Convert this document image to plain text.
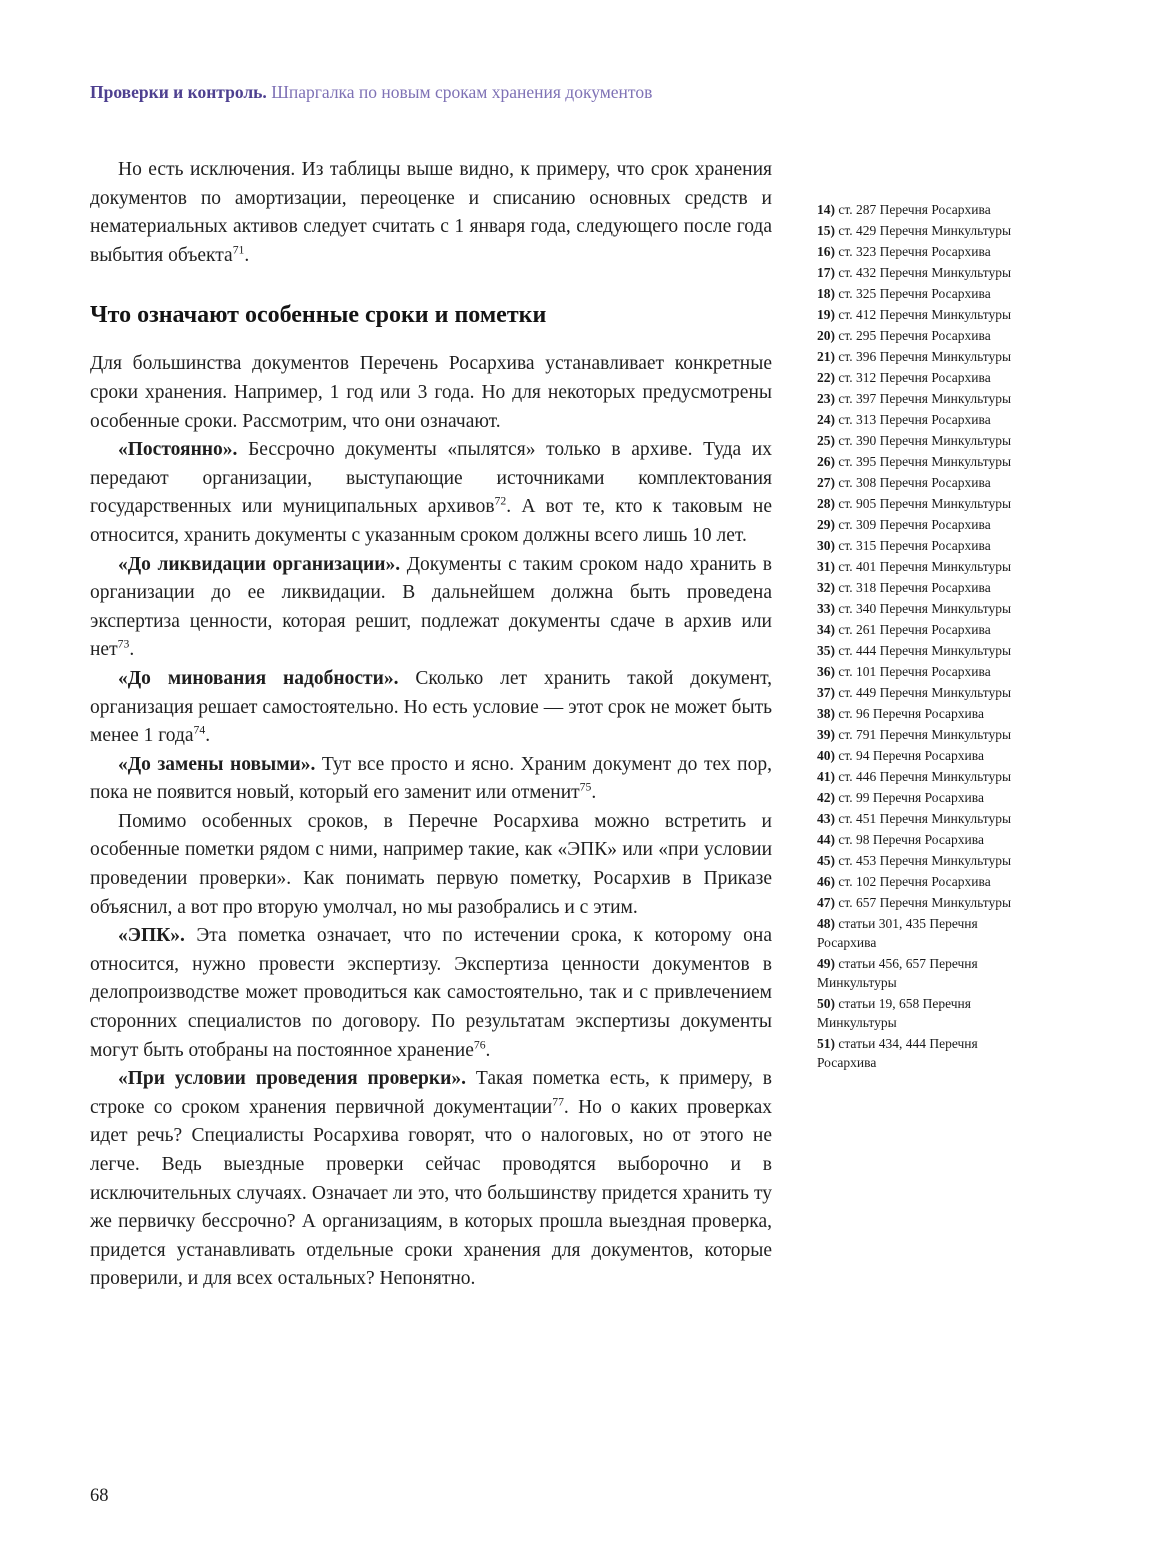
Проверки и контроль. Шпаргалка по новым срокам хранения документов

Но есть исключения. Из таблицы выше видно, к примеру, что срок хранения документов по амортизации, переоценке и списанию основных средств и нематериальных активов следует считать с 1 января года, следующего после года выбытия объекта$^{71}$.

Что означают особенные сроки и пометки

Для большинства документов Перечень Росархива устанавливает конкретные сроки хранения. Например, 1 год или 3 года. Но для некоторых предусмотрены особенные сроки. Рассмотрим, что они означают.

«Постоянно». Бессрочно документы «пылятся» только в архиве. Туда их передают организации, выступающие источниками комплектования государственных или муниципальных архивов$^{72}$. А вот те, кто к таковым не относится, хранить документы с указанным сроком должны всего лишь 10 лет.

«До ликвидации организации». Документы с таким сроком надо хранить в организации до ее ликвидации. В дальнейшем должна быть проведена экспертиза ценности, которая решит, подлежат документы сдаче в архив или нет$^{73}$.

«До минования надобности». Сколько лет хранить такой документ, организация решает самостоятельно. Но есть условие — этот срок не может быть менее 1 года$^{74}$.

«До замены новыми». Тут все просто и ясно. Храним документ до тех пор, пока не появится новый, который его заменит или отменит$^{75}$.

Помимо особенных сроков, в Перечне Росархива можно встретить и особенные пометки рядом с ними, например такие, как «ЭПК» или «при условии проведении проверки». Как понимать первую пометку, Росархив в Приказе объяснил, а вот про вторую умолчал, но мы разобрались и с этим.

«ЭПК». Эта пометка означает, что по истечении срока, к которому она относится, нужно провести экспертизу. Экспертиза ценности документов в делопроизводстве может проводиться как самостоятельно, так и с привлечением сторонних специалистов по договору. По результатам экспертизы документы могут быть отобраны на постоянное хранение$^{76}$.

«При условии проведения проверки». Такая пометка есть, к примеру, в строке со сроком хранения первичной документации$^{77}$. Но о каких проверках идет речь? Специалисты Росархива говорят, что о налоговых, но от этого не легче. Ведь выездные проверки сейчас проводятся выборочно и в исключительных случаях. Означает ли это, что большинству придется хранить ту же первичку бессрочно? А организациям, в которых прошла выездная проверка, придется устанавливать отдельные сроки хранения для документов, которые проверили, и для всех остальных? Непонятно.

14) ст. 287 Перечня Росархива
15) ст. 429 Перечня Минкультуры
16) ст. 323 Перечня Росархива
17) ст. 432 Перечня Минкультуры
18) ст. 325 Перечня Росархива
19) ст. 412 Перечня Минкультуры
20) ст. 295 Перечня Росархива
21) ст. 396 Перечня Минкультуры
22) ст. 312 Перечня Росархива
23) ст. 397 Перечня Минкультуры
24) ст. 313 Перечня Росархива
25) ст. 390 Перечня Минкультуры
26) ст. 395 Перечня Минкультуры
27) ст. 308 Перечня Росархива
28) ст. 905 Перечня Минкультуры
29) ст. 309 Перечня Росархива
30) ст. 315 Перечня Росархива
31) ст. 401 Перечня Минкультуры
32) ст. 318 Перечня Росархива
33) ст. 340 Перечня Минкультуры
34) ст. 261 Перечня Росархива
35) ст. 444 Перечня Минкультуры
36) ст. 101 Перечня Росархива
37) ст. 449 Перечня Минкультуры
38) ст. 96 Перечня Росархива
39) ст. 791 Перечня Минкультуры
40) ст. 94 Перечня Росархива
41) ст. 446 Перечня Минкультуры
42) ст. 99 Перечня Росархива
43) ст. 451 Перечня Минкультуры
44) ст. 98 Перечня Росархива
45) ст. 453 Перечня Минкультуры
46) ст. 102 Перечня Росархива
47) ст. 657 Перечня Минкультуры
48) статьи 301, 435 Перечня Росархива
49) статьи 456, 657 Перечня Минкультуры
50) статьи 19, 658 Перечня Минкультуры
51) статьи 434, 444 Перечня Росархива
68
